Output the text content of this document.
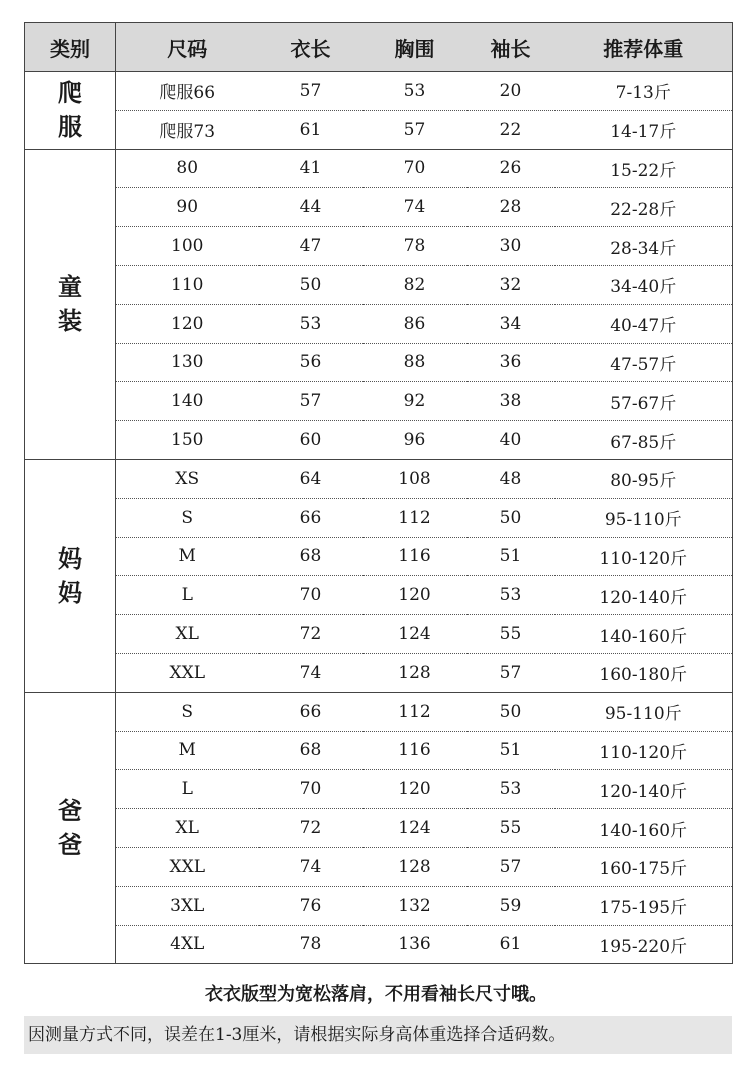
类别	尺码	衣长	胸围	袖长	推荐体重

爬
服	爬服66	57	53	20	7-13斤
	爬服73	61	57	22	14-17斤

童
装	80	41	70	26	15-22斤
	90	44	74	28	22-28斤
	100	47	78	30	28-34斤
	110	50	82	32	34-40斤
	120	53	86	34	40-47斤
	130	56	88	36	47-57斤
	140	57	92	38	57-67斤
	150	60	96	40	67-85斤

妈
妈	XS	64	108	48	80-95斤
	S	66	112	50	95-110斤
	M	68	116	51	110-120斤
	L	70	120	53	120-140斤
	XL	72	124	55	140-160斤
	XXL	74	128	57	160-180斤

爸
爸	S	66	112	50	95-110斤
	M	68	116	51	110-120斤
	L	70	120	53	120-140斤
	XL	72	124	55	140-160斤
	XXL	74	128	57	160-175斤
	3XL	76	132	59	175-195斤
	4XL	78	136	61	195-220斤
衣衣版型为宽松落肩，不用看袖长尺寸哦。
因测量方式不同，误差在1-3厘米，请根据实际身高体重选择合适码数。
